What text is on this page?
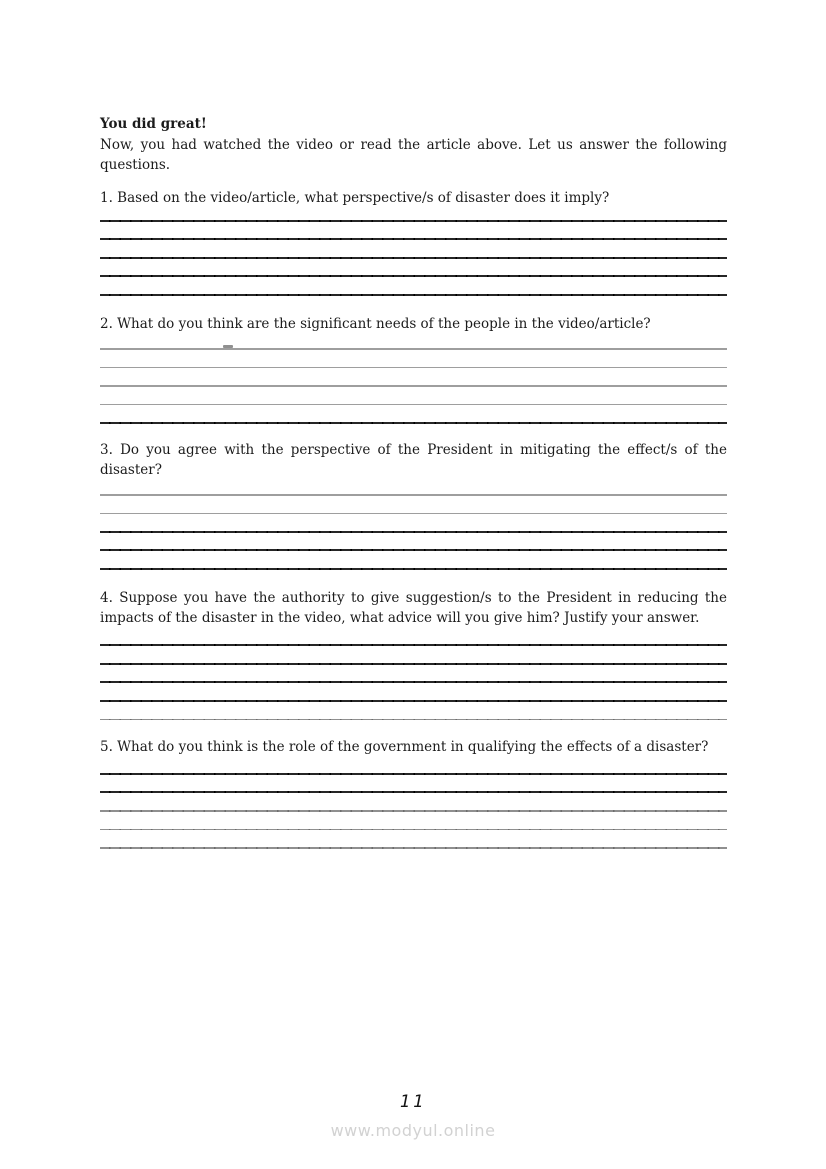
You did great!

Now, you had watched the video or read the article above. Let us answer the following questions.

1. Based on the video/article, what perspective/s of disaster does it imply?

2. What do you think are the significant needs of the people in the video/article?

3. Do you agree with the perspective of the President in mitigating the effect/s of the disaster?

4. Suppose you have the authority to give suggestion/s to the President in reducing the impacts of the disaster in the video, what advice will you give him? Justify your answer.

5. What do you think is the role of the government in qualifying the effects of a disaster?

11
www.modyul.online
